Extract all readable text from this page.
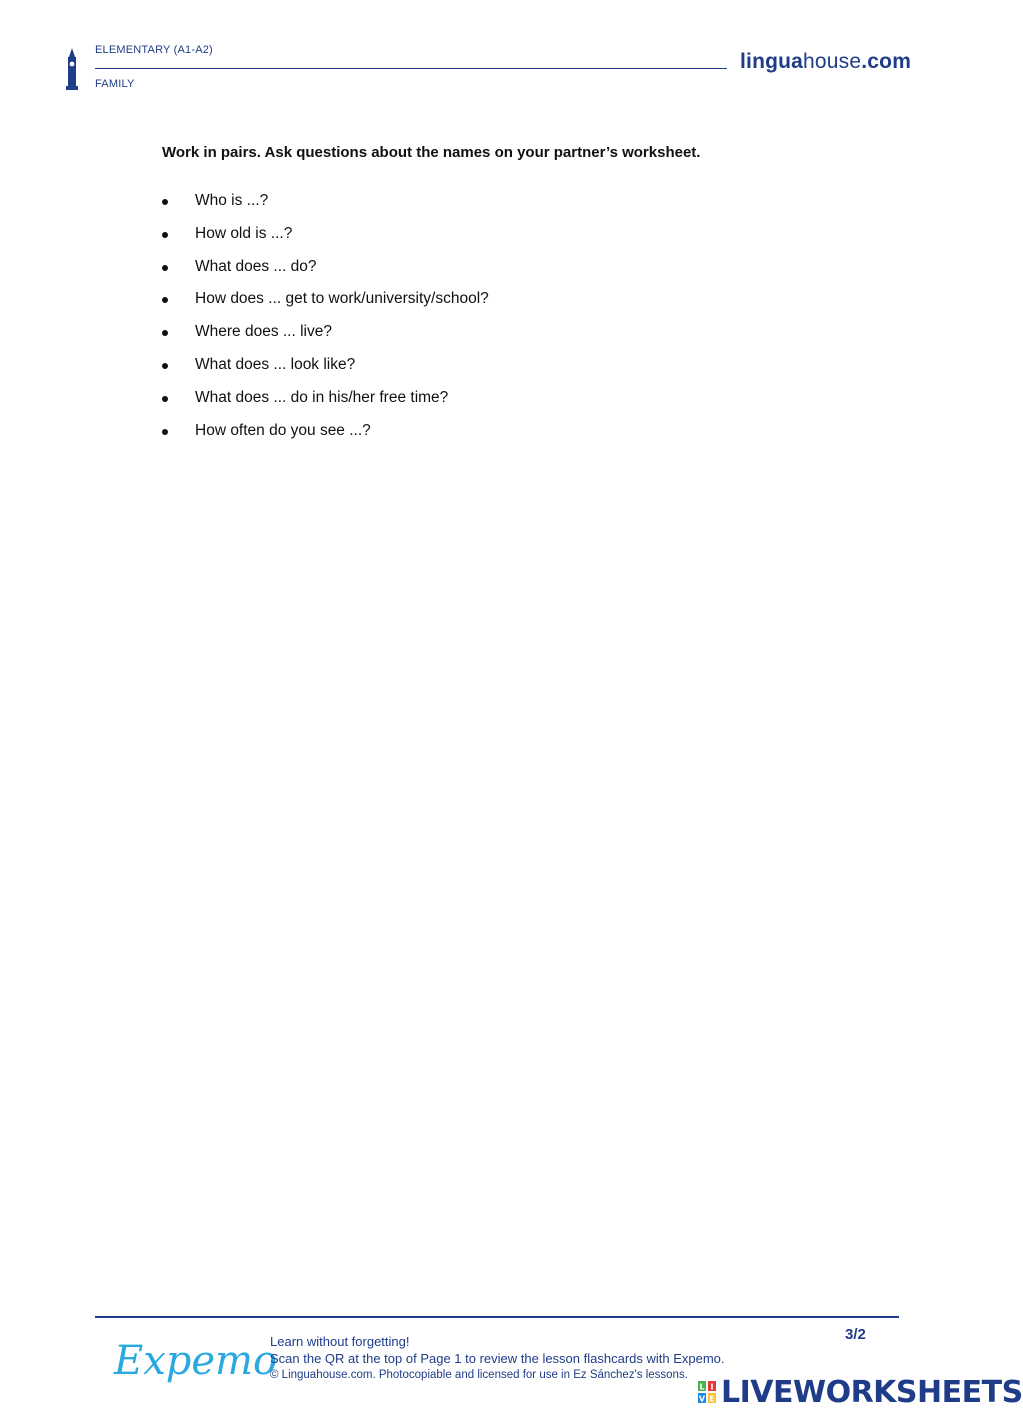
ELEMENTARY (A1-A2)
FAMILY
linguahouse.com
Work in pairs. Ask questions about the names on your partner’s worksheet.
Who is ...?
How old is ...?
What does ... do?
How does ... get to work/university/school?
Where does ... live?
What does ... look like?
What does ... do in his/her free time?
How often do you see ...?
Expemo
Learn without forgetting!
Scan the QR at the top of Page 1 to review the lesson flashcards with Expemo.
© Linguahouse.com. Photocopiable and licensed for use in Ez Sánchez's lessons.
3/2
L I
V E LIVEWORKSHEETS
